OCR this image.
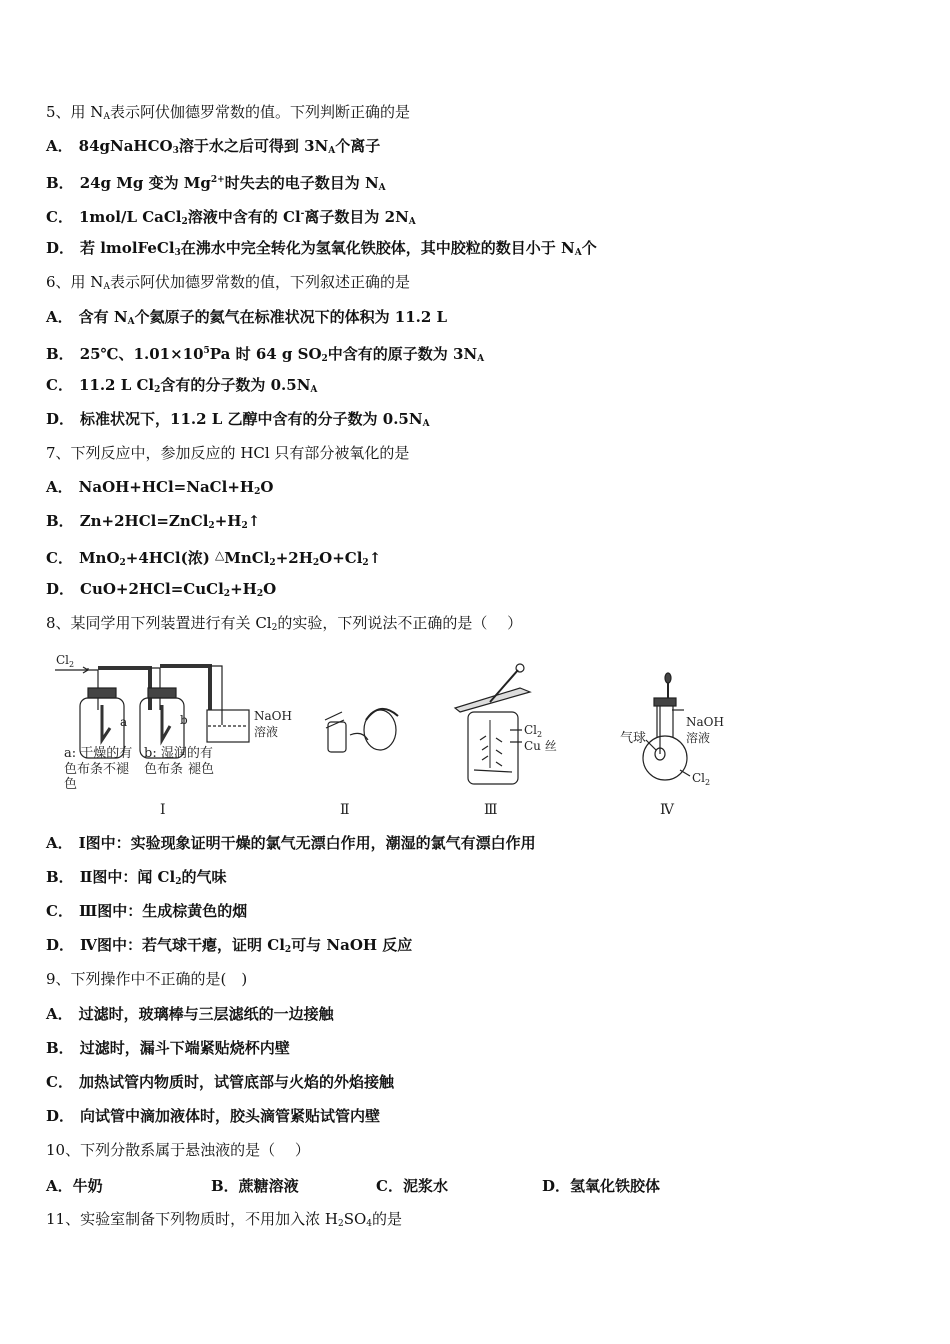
5、用 $N_A$表示阿伏伽德罗常数的值。下列判断正确的是
A． 84gNaHCO$_3$溶于水之后可得到 $3N_A$个离子
B． 24g Mg 变为 $Mg^{2+}$时失去的电子数目为 $N_A$
C． 1mol/L CaCl$_2$溶液中含有的 Cl-离子数目为 $2N_A$
D． 若 lmolFeCl$_3$在沸水中完全转化为氢氧化铁胶体，其中胶粒的数目小于 $N_A$个
6、用 $N_A$表示阿伏加德罗常数的值，下列叙述正确的是
A． 含有 $N_A$个氦原子的氦气在标准状况下的体积为 11.2 L
B． 25℃、$1.01\times 10^5Pa$ 时 64 g $SO_2$中含有的原子数为 $3N_A$
C． 11.2 L $Cl_2$含有的分子数为 $0.5N_A$
D． 标准状况下，11.2 L 乙醇中含有的分子数为 $0.5N_A$
7、下列反应中，参加反应的 HCl 只有部分被氧化的是
A． $NaOH+HCl=NaCl+H_2O$
B． $Zn+2HCl=ZnCl_2+H_2↑$
C． MnO$_2$+4HCl(浓) $^\triangle MnCl_2+2H_2O+Cl_2↑$
D． $CuO+2HCl=CuCl_2+H_2O$
8、某同学用下列装置进行有关 $Cl_2$的实验，下列说法不正确的是（　 ）
$Cl_2$
a	b	NaOH
溶液
a: 干燥的有
色布条不褪
色
b: 湿润的有
色布条 褪色
$Cl_2$
Cu 丝	气球
NaOH
溶液
$Cl_2$
Ⅰ	Ⅱ	Ⅲ	Ⅳ
A． Ⅰ图中：实验现象证明干燥的氯气无漂白作用，潮湿的氯气有漂白作用
B． Ⅱ图中：闻 $Cl_2$的气味
C． Ⅲ图中：生成棕黄色的烟
D． Ⅳ图中：若气球干瘪，证明 $Cl_2$可与 NaOH 反应
9、下列操作中不正确的是(　)
A． 过滤时，玻璃棒与三层滤纸的一边接触
B． 过滤时，漏斗下端紧贴烧杯内壁
C． 加热试管内物质时，试管底部与火焰的外焰接触
D． 向试管中滴加液体时，胶头滴管紧贴试管内壁
10、下列分散系属于悬浊液的是（　 ）
A．牛奶	B．蔗糖溶液	C．泥浆水	D．氢氧化铁胶体
11、实验室制备下列物质时，不用加入浓 $H_2SO_4$的是
